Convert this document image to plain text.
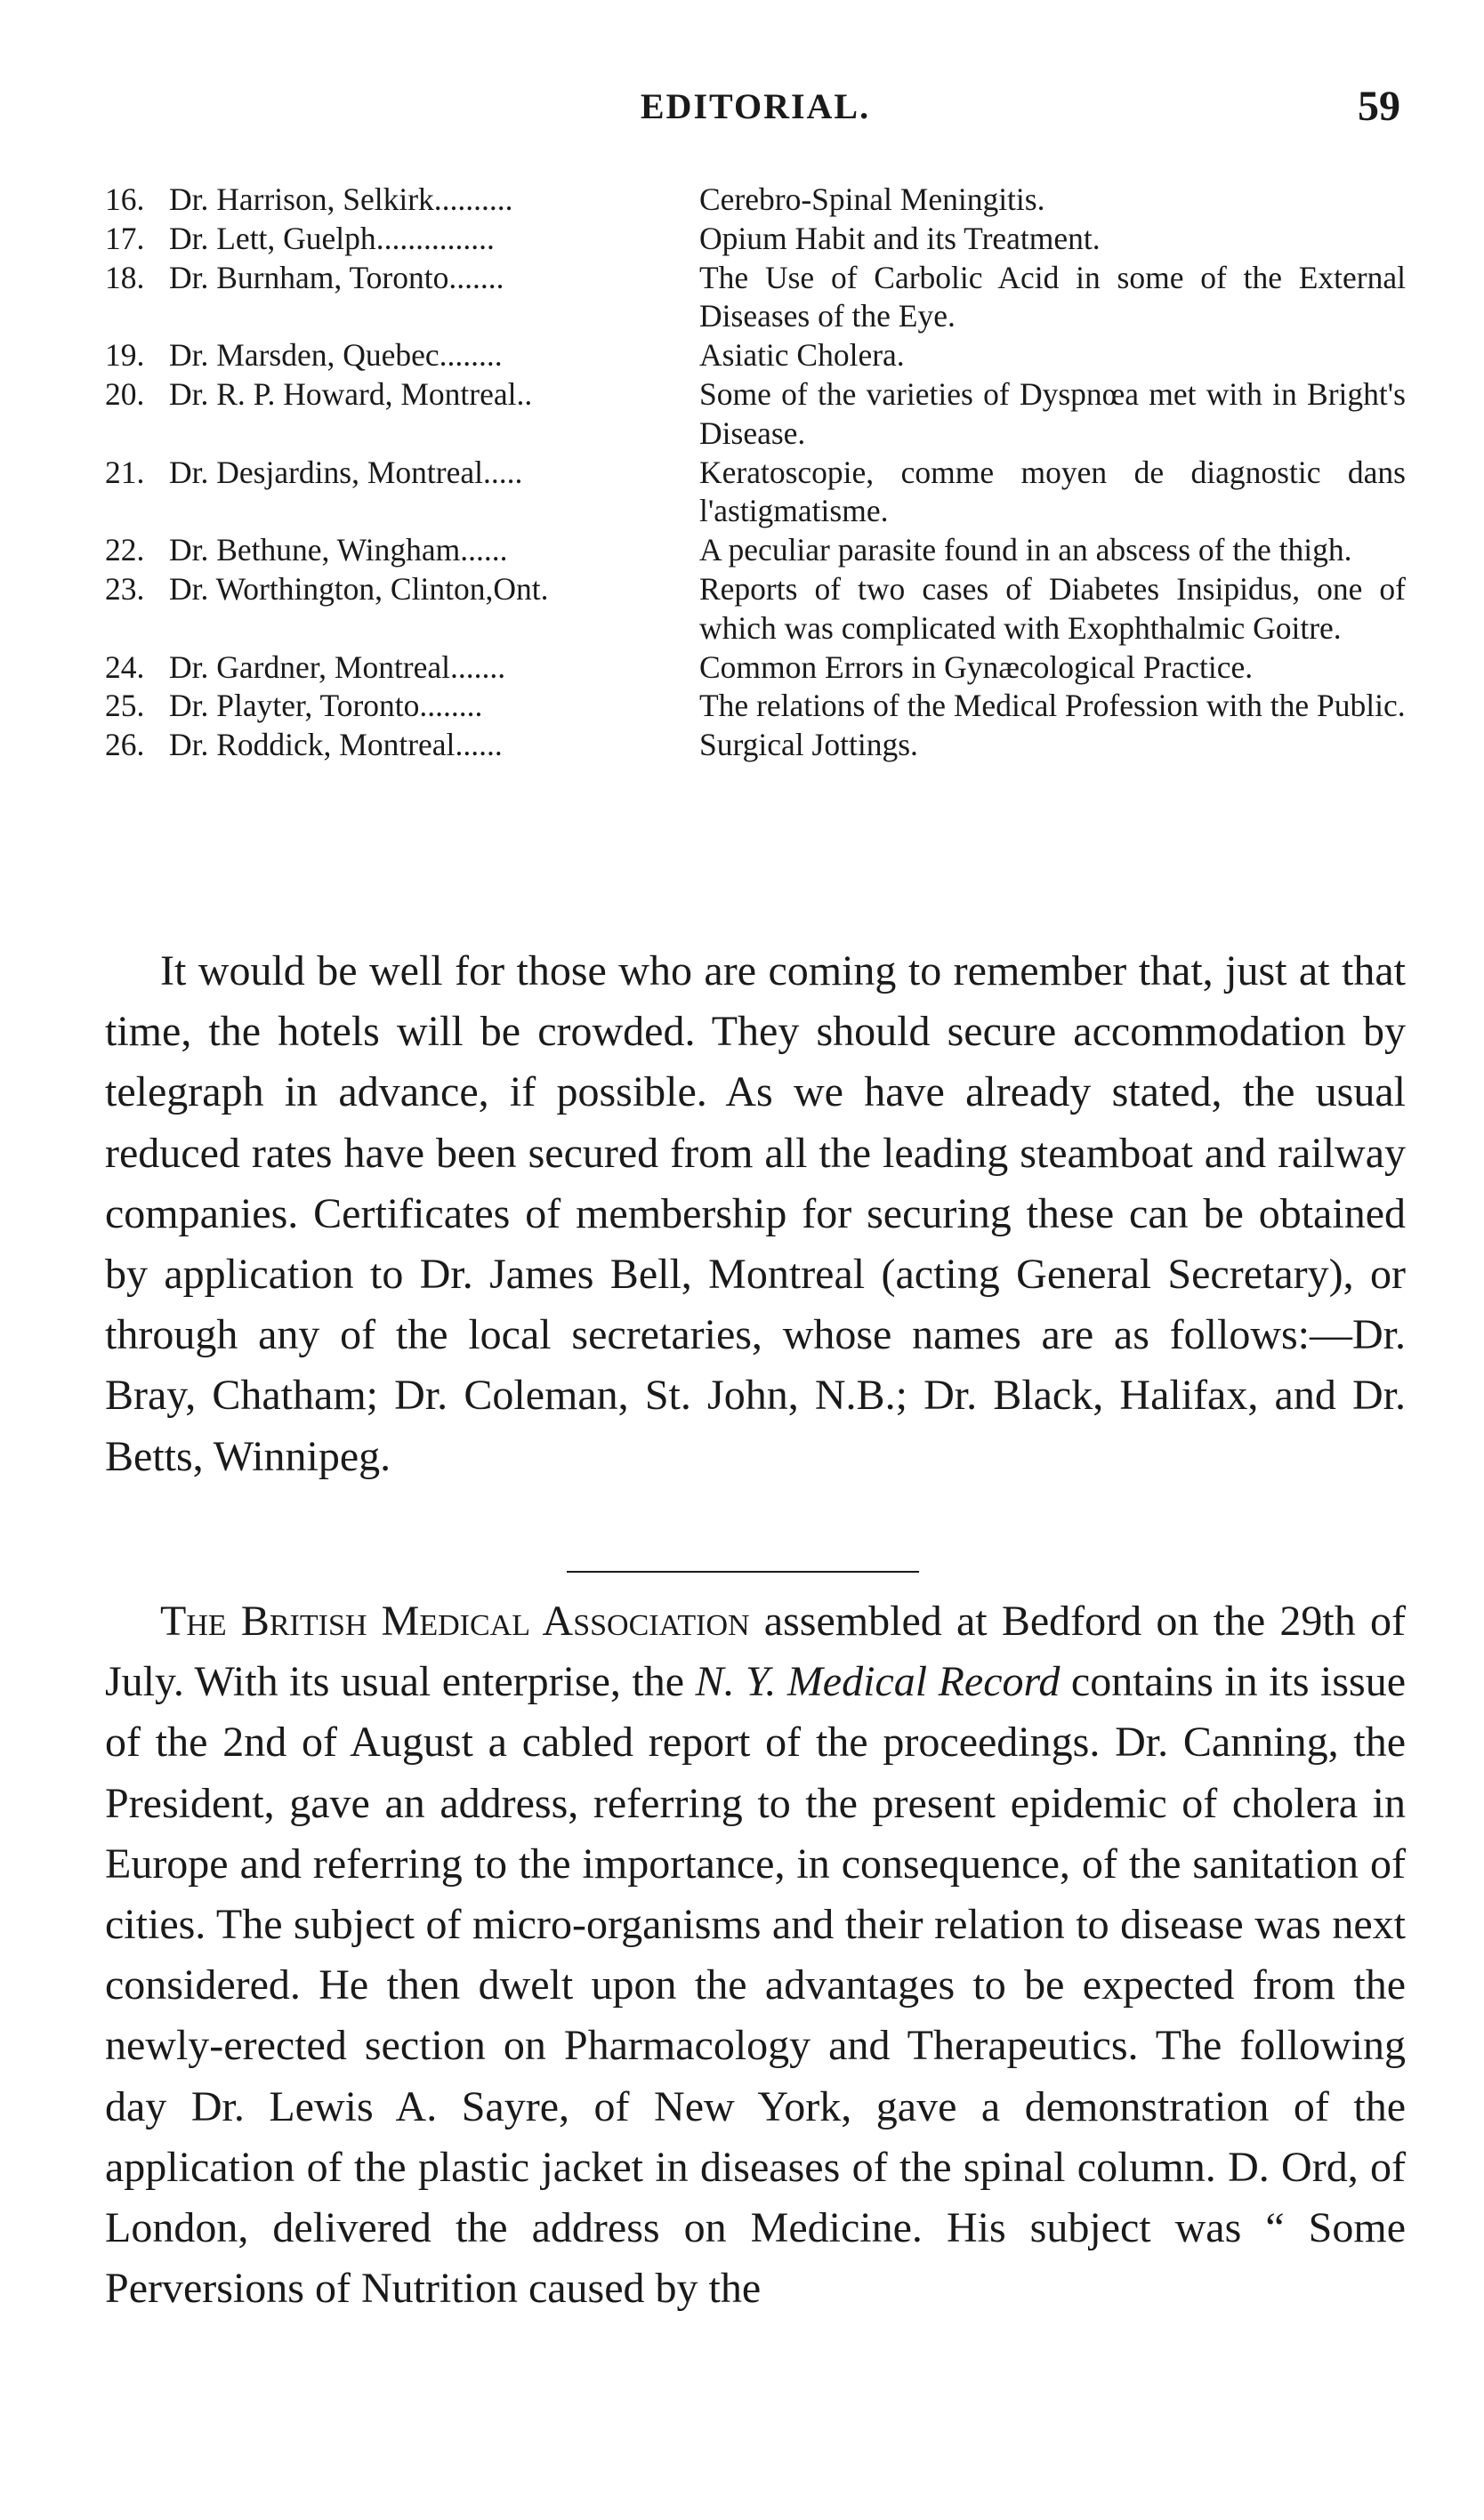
EDITORIAL.	59
16. Dr. Harrison, Selkirk..........	Cerebro-Spinal Meningitis.
17. Dr. Lett, Guelph...............	Opium Habit and its Treatment.
18. Dr. Burnham, Toronto.......	The Use of Carbolic Acid in some of the External Diseases of the Eye.
19. Dr. Marsden, Quebec........	Asiatic Cholera.
20. Dr. R. P. Howard, Montreal..	Some of the varieties of Dyspnœa met with in Bright's Disease.
21. Dr. Desjardins, Montreal.....	Keratoscopie, comme moyen de diagnostic dans l'astigmatisme.
22. Dr. Bethune, Wingham......	A peculiar parasite found in an abscess of the thigh.
23. Dr. Worthington, Clinton,Ont.	Reports of two cases of Diabetes Insipidus, one of which was complicated with Exophthalmic Goitre.
24. Dr. Gardner, Montreal.......	Common Errors in Gynæcological Practice.
25. Dr. Playter, Toronto........	The relations of the Medical Profession with the Public.
26. Dr. Roddick, Montreal......	Surgical Jottings.

It would be well for those who are coming to remember that, just at that time, the hotels will be crowded. They should secure accommodation by telegraph in advance, if possible. As we have already stated, the usual reduced rates have been secured from all the leading steamboat and railway companies. Certificates of membership for securing these can be obtained by application to Dr. James Bell, Montreal (acting General Secretary), or through any of the local secretaries, whose names are as follows:—Dr. Bray, Chatham; Dr. Coleman, St. John, N.B.; Dr. Black, Halifax, and Dr. Betts, Winnipeg.

The British Medical Association assembled at Bedford on the 29th of July. With its usual enterprise, the N. Y. Medical Record contains in its issue of the 2nd of August a cabled report of the proceedings. Dr. Canning, the President, gave an address, referring to the present epidemic of cholera in Europe and referring to the importance, in consequence, of the sanitation of cities. The subject of micro-organisms and their relation to disease was next considered. He then dwelt upon the advantages to be expected from the newly-erected section on Pharmacology and Therapeutics. The following day Dr. Lewis A. Sayre, of New York, gave a demonstration of the application of the plastic jacket in diseases of the spinal column. D. Ord, of London, delivered the address on Medicine. His subject was “ Some Perversions of Nutrition caused by the
